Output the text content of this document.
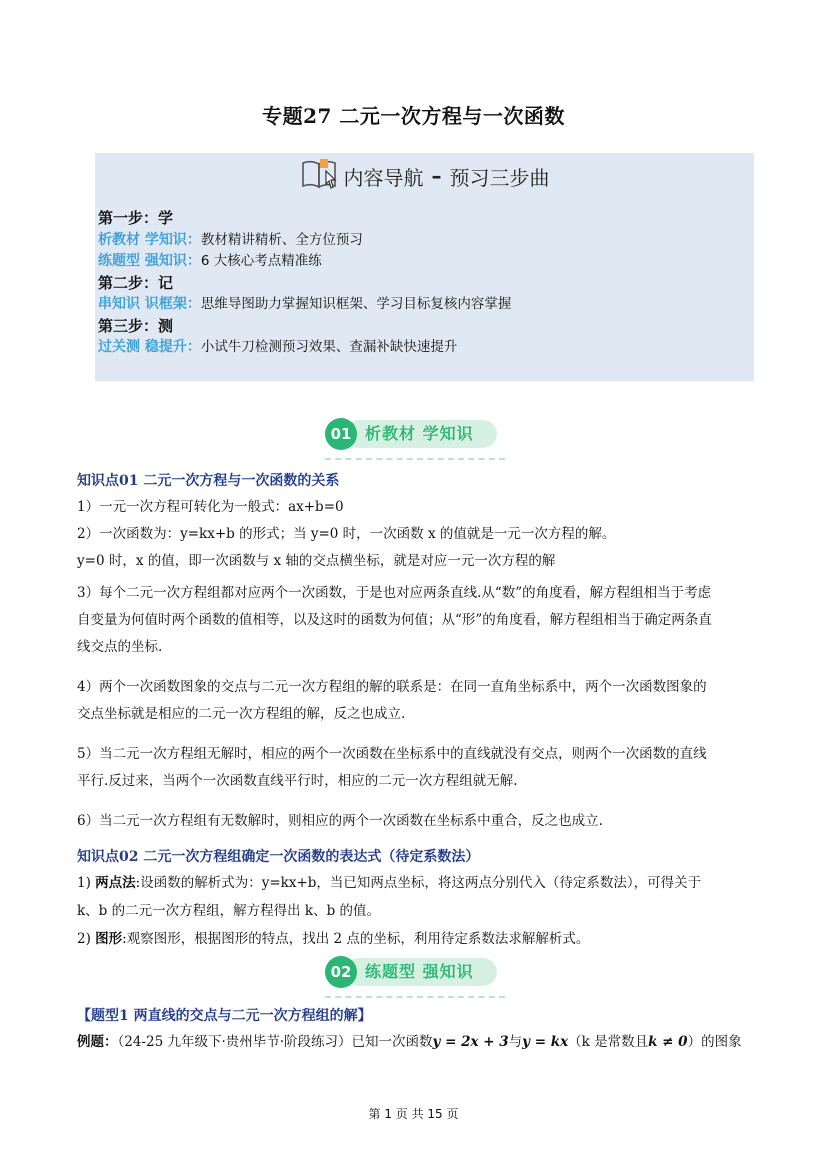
专题27 二元一次方程与一次函数
内容导航 – 预习三步曲
第一步：学
析教材 学知识：教材精讲精析、全方位预习
练题型 强知识：6 大核心考点精准练
第二步：记
串知识 识框架：思维导图助力掌握知识框架、学习目标复核内容掌握
第三步：测
过关测 稳提升：小试牛刀检测预习效果、查漏补缺快速提升
01 析教材 学知识
知识点01 二元一次方程与一次函数的关系
1）一元一次方程可转化为一般式：ax+b=0
2）一次函数为：y=kx+b 的形式；当 y=0 时，一次函数 x 的值就是一元一次方程的解。
y=0 时，x 的值，即一次函数与 x 轴的交点横坐标，就是对应一元一次方程的解
3）每个二元一次方程组都对应两个一次函数，于是也对应两条直线.从“数”的角度看，解方程组相当于考虑
自变量为何值时两个函数的值相等，以及这时的函数为何值；从“形”的角度看，解方程组相当于确定两条直
线交点的坐标.
4）两个一次函数图象的交点与二元一次方程组的解的联系是：在同一直角坐标系中，两个一次函数图象的
交点坐标就是相应的二元一次方程组的解，反之也成立.
5）当二元一次方程组无解时，相应的两个一次函数在坐标系中的直线就没有交点，则两个一次函数的直线
平行.反过来，当两个一次函数直线平行时，相应的二元一次方程组就无解.
6）当二元一次方程组有无数解时，则相应的两个一次函数在坐标系中重合，反之也成立.
知识点02 二元一次方程组确定一次函数的表达式（待定系数法）
1) 两点法:设函数的解析式为：y=kx+b，当已知两点坐标，将这两点分别代入（待定系数法），可得关于
k、b 的二元一次方程组，解方程得出 k、b 的值。
2) 图形:观察图形，根据图形的特点，找出 2 点的坐标，利用待定系数法求解解析式。
02 练题型 强知识
【题型1 两直线的交点与二元一次方程组的解】
例题：（24-25 九年级下·贵州毕节·阶段练习）已知一次函数y = 2x + 3与y = kx（k 是常数且k ≠ 0）的图象
第 1 页 共 15 页
